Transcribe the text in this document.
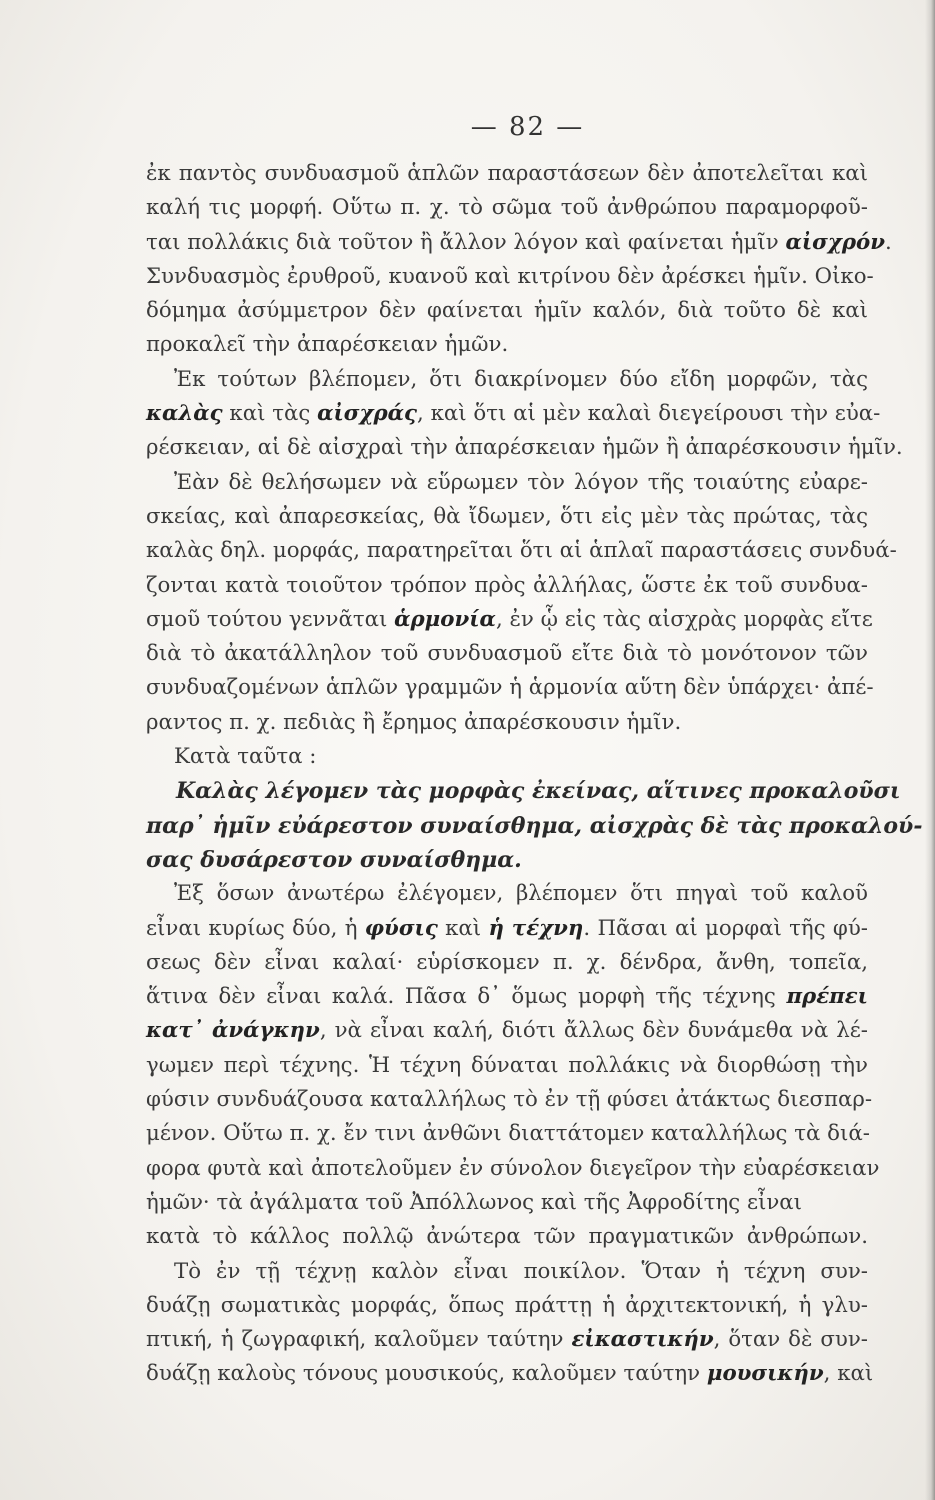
— 82 —
ἐκ παντὸς συνδυασμοῦ ἁπλῶν παραστάσεων δὲν ἀποτελεῖται καὶ
καλή τις μορφή. Οὕτω π. χ. τὸ σῶμα τοῦ ἀνθρώπου παραμορφοῦ-
ται πολλάκις διὰ τοῦτον ἢ ἄλλον λόγον καὶ φαίνεται ἡμῖν αἰσχρόν.
Συνδυασμὸς ἐρυθροῦ, κυανοῦ καὶ κιτρίνου δὲν ἀρέσκει ἡμῖν. Οἰκο-
δόμημα ἀσύμμετρον δὲν φαίνεται ἡμῖν καλόν, διὰ τοῦτο δὲ καὶ
προκαλεῖ τὴν ἀπαρέσκειαν ἡμῶν.
Ἐκ τούτων βλέπομεν, ὅτι διακρίνομεν δύο εἴδη μορφῶν, τὰς
καλὰς καὶ τὰς αἰσχράς, καὶ ὅτι αἱ μὲν καλαὶ διεγείρουσι τὴν εὐα-
ρέσκειαν, αἱ δὲ αἰσχραὶ τὴν ἀπαρέσκειαν ἡμῶν ἢ ἀπαρέσκουσιν ἡμῖν.
Ἐὰν δὲ θελήσωμεν νὰ εὕρωμεν τὸν λόγον τῆς τοιαύτης εὐαρε-
σκείας, καὶ ἀπαρεσκείας, θὰ ἴδωμεν, ὅτι εἰς μὲν τὰς πρώτας, τὰς
καλὰς δηλ. μορφάς, παρατηρεῖται ὅτι αἱ ἁπλαῖ παραστάσεις συνδυά-
ζονται κατὰ τοιοῦτον τρόπον πρὸς ἀλλήλας, ὥστε ἐκ τοῦ συνδυα-
σμοῦ τούτου γεννᾶται ἁρμονία, ἐν ᾧ εἰς τὰς αἰσχρὰς μορφὰς εἴτε
διὰ τὸ ἀκατάλληλον τοῦ συνδυασμοῦ εἴτε διὰ τὸ μονότονον τῶν
συνδυαζομένων ἁπλῶν γραμμῶν ἡ ἁρμονία αὕτη δὲν ὑπάρχει· ἀπέ-
ραντος π. χ. πεδιὰς ἢ ἔρημος ἀπαρέσκουσιν ἡμῖν.
Κατὰ ταῦτα :
Καλὰς λέγομεν τὰς μορφὰς ἐκείνας, αἵτινες προκαλοῦσι
παρ᾽ ἡμῖν εὐάρεστον συναίσθημα, αἰσχρὰς δὲ τὰς προκαλού-
σας δυσάρεστον συναίσθημα.
Ἐξ ὅσων ἀνωτέρω ἐλέγομεν, βλέπομεν ὅτι πηγαὶ τοῦ καλοῦ
εἶναι κυρίως δύο, ἡ φύσις καὶ ἡ τέχνη. Πᾶσαι αἱ μορφαὶ τῆς φύ-
σεως δὲν εἶναι καλαί· εὑρίσκομεν π. χ. δένδρα, ἄνθη, τοπεῖα,
ἅτινα δὲν εἶναι καλά. Πᾶσα δ᾽ ὅμως μορφὴ τῆς τέχνης πρέπει
κατ᾽ ἀνάγκην, νὰ εἶναι καλή, διότι ἄλλως δὲν δυνάμεθα νὰ λέ-
γωμεν περὶ τέχνης. Ἡ τέχνη δύναται πολλάκις νὰ διορθώσῃ τὴν
φύσιν συνδυάζουσα καταλλήλως τὸ ἐν τῇ φύσει ἀτάκτως διεσπαρ-
μένον. Οὕτω π. χ. ἔν τινι ἀνθῶνι διαττάτομεν καταλλήλως τὰ διά-
φορα φυτὰ καὶ ἀποτελοῦμεν ἐν σύνολον διεγεῖρον τὴν εὐαρέσκειαν
ἡμῶν· τὰ ἀγάλματα τοῦ Ἀπόλλωνος καὶ τῆς Ἀφροδίτης εἶναι
κατὰ τὸ κάλλος πολλῷ ἀνώτερα τῶν πραγματικῶν ἀνθρώπων.
Τὸ ἐν τῇ τέχνῃ καλὸν εἶναι ποικίλον. Ὅταν ἡ τέχνη συν-
δυάζῃ σωματικὰς μορφάς, ὅπως πράττῃ ἡ ἀρχιτεκτονική, ἡ γλυ-
πτική, ἡ ζωγραφική, καλοῦμεν ταύτην εἰκαστικήν, ὅταν δὲ συν-
δυάζῃ καλοὺς τόνους μουσικούς, καλοῦμεν ταύτην μουσικήν, καὶ
